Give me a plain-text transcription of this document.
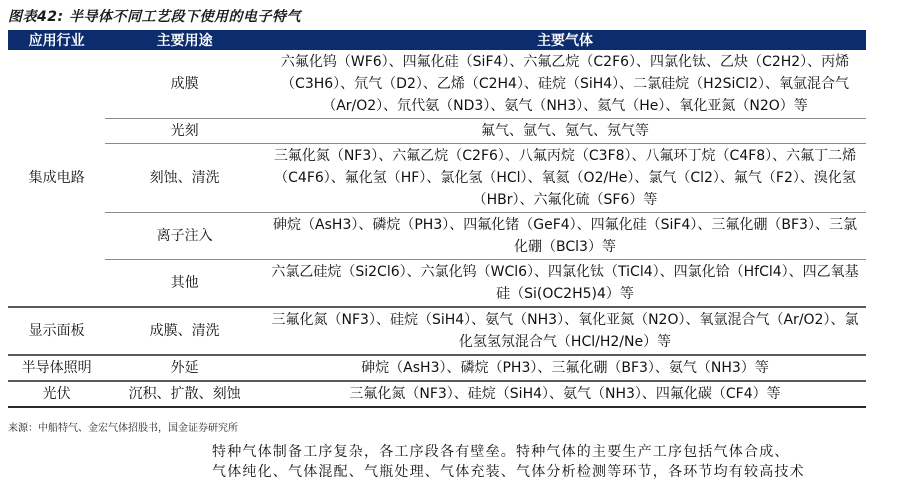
图表42: 半导体不同工艺段下使用的电子特气
应用行业	主要用途	主要气体
集成电路	成膜	六氟化钨（WF6）、四氟化硅（SiF4）、六氟乙烷（C2F6）、四氯化钛、乙炔（C2H2）、丙烯（C3H6）、氘气（D2）、乙烯（C2H4）、硅烷（SiH4）、二氯硅烷（H2SiCl2）、氧氩混合气（Ar/O2）、氘代氨（ND3）、氨气（NH3）、氦气（He）、氧化亚氮（N2O）等
	光刻	氟气、氩气、氪气、氖气等
	刻蚀、清洗	三氟化氮（NF3）、六氟乙烷（C2F6）、八氟丙烷（C3F8）、八氟环丁烷（C4F8）、六氟丁二烯（C4F6）、氟化氢（HF）、氯化氢（HCl）、氧氦（O2/He）、氯气（Cl2）、氟气（F2）、溴化氢（HBr）、六氟化硫（SF6）等
	离子注入	砷烷（AsH3）、磷烷（PH3）、四氟化锗（GeF4）、四氟化硅（SiF4）、三氟化硼（BF3）、三氯化硼（BCl3）等
	其他	六氯乙硅烷（Si2Cl6）、六氯化钨（WCl6）、四氯化钛（TiCl4）、四氯化铪（HfCl4）、四乙氧基硅（Si(OC2H5)4）等
显示面板	成膜、清洗	三氟化氮（NF3）、硅烷（SiH4）、氨气（NH3）、氧化亚氮（N2O）、氧氩混合气（Ar/O2）、氯化氢氢氖混合气（HCl/H2/Ne）等
半导体照明	外延	砷烷（AsH3）、磷烷（PH3）、三氟化硼（BF3）、氨气（NH3）等
光伏	沉积、扩散、刻蚀	三氟化氮（NF3）、硅烷（SiH4）、氨气（NH3）、四氟化碳（CF4）等
来源：中船特气、金宏气体招股书，国金证券研究所
特种气体制备工序复杂，各工序段各有壁垒。特种气体的主要生产工序包括气体合成、
气体纯化、气体混配、气瓶处理、气体充装、气体分析检测等环节，各环节均有较高技术
